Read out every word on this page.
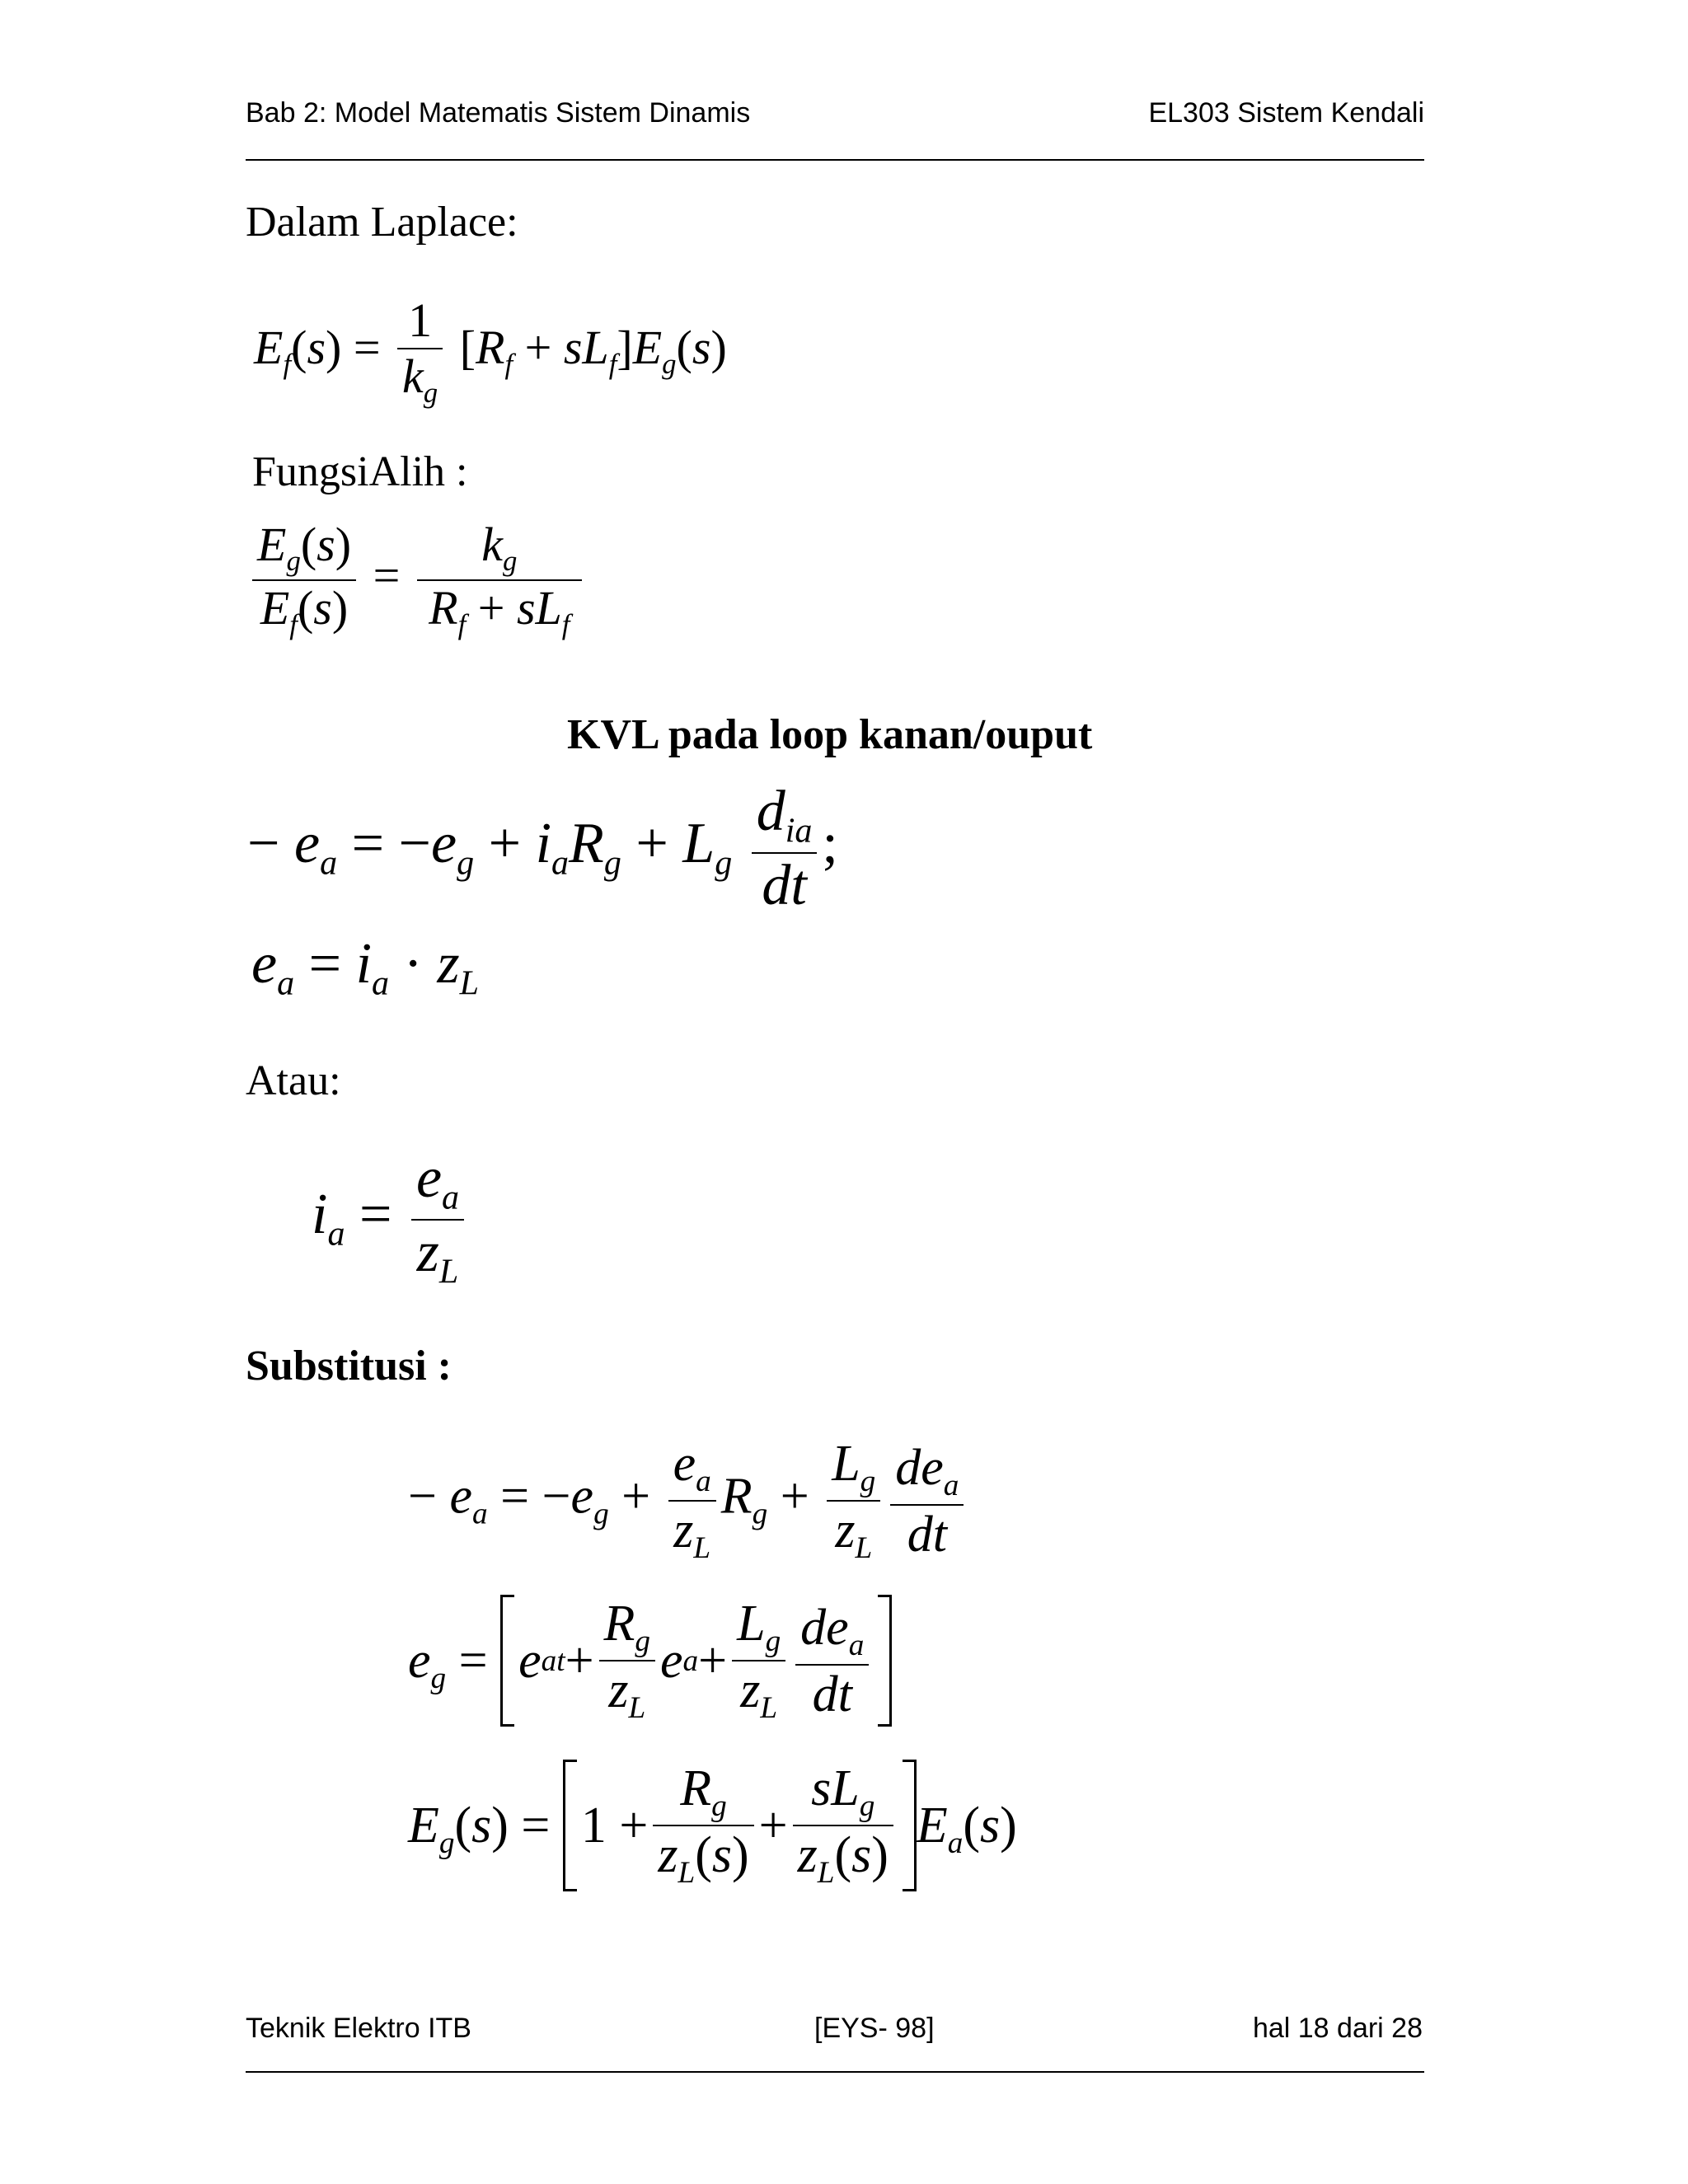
Bab 2: Model Matematis Sistem Dinamis	EL303 Sistem Kendali
Dalam Laplace:
$E_f(s) = \frac{1}{k_g} [R_f + sL_f]E_g(s)$
FungsiAlih :
$\frac{E_g(s)}{E_f(s)} = \frac{k_g}{R_f + sL_f}$
KVL pada loop kanan/ouput
− $e_a = -e_g + i_aR_g + L_g \frac{d_{ia}}{dt}$ ;
$e_a = i_a \cdot z_L$
Atau:
$i_a = \frac{e_a}{z_L}$
Substitusi :
− $e_a = -e_g + \frac{e_a}{z_L} R_g + \frac{L_g}{z_L} \frac{de_a}{dt}$
$e_g = e$ at + $\frac{R_g}{z_L}$ e $a + \frac{L_g}{z_L} \frac{de_a}{dt}$
$E_g(s) = 1 + \frac{R_g}{z_L(s)} + \frac{sL_g}{z_L(s)} E_a(s)$
Teknik Elektro ITB	[EYS- 98]	hal 18 dari 28
